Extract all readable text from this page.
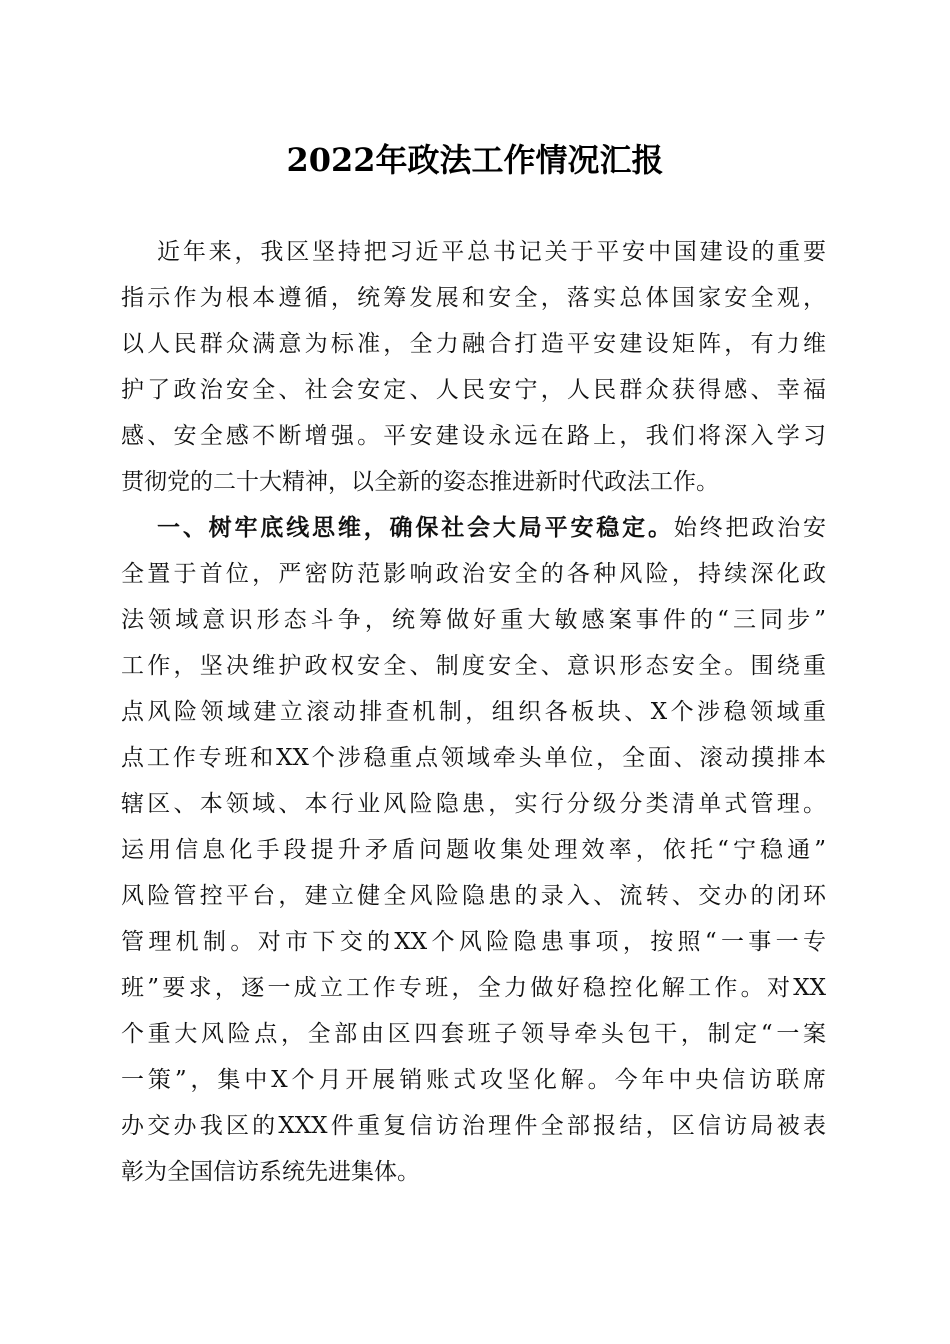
2022年政法工作情况汇报
近年来，我区坚持把习近平总书记关于平安中国建设的重要
指示作为根本遵循，统筹发展和安全，落实总体国家安全观，
以人民群众满意为标准，全力融合打造平安建设矩阵，有力维
护了政治安全、社会安定、人民安宁，人民群众获得感、幸福
感、安全感不断增强。平安建设永远在路上，我们将深入学习
贯彻党的二十大精神，以全新的姿态推进新时代政法工作。
一、树牢底线思维，确保社会大局平安稳定。始终把政治安
全置于首位，严密防范影响政治安全的各种风险，持续深化政
法领域意识形态斗争，统筹做好重大敏感案事件的“三同步”
工作，坚决维护政权安全、制度安全、意识形态安全。围绕重
点风险领域建立滚动排查机制，组织各板块、X个涉稳领域重
点工作专班和XX个涉稳重点领域牵头单位，全面、滚动摸排本
辖区、本领域、本行业风险隐患，实行分级分类清单式管理。
运用信息化手段提升矛盾问题收集处理效率，依托“宁稳通”
风险管控平台，建立健全风险隐患的录入、流转、交办的闭环
管理机制。对市下交的XX个风险隐患事项，按照“一事一专
班”要求，逐一成立工作专班，全力做好稳控化解工作。对XX
个重大风险点，全部由区四套班子领导牵头包干，制定“一案
一策”，集中X个月开展销账式攻坚化解。今年中央信访联席
办交办我区的XXX件重复信访治理件全部报结，区信访局被表
彰为全国信访系统先进集体。
